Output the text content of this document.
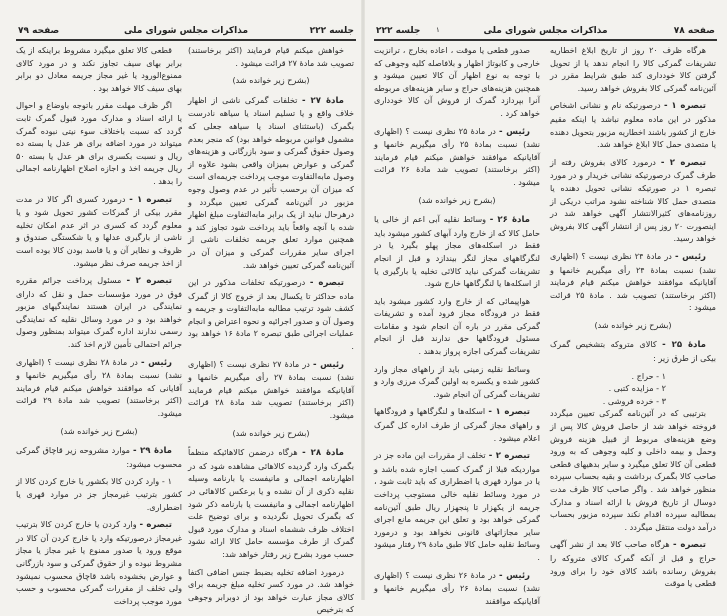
جلسه ۲۲۲
مذاکرات مجلس شورای ملی
صفحه ۷۹

خواهش میکنم قیام فرمایند (اکثر برخاستند) تصویب شد مادهٔ ۲۷ قرائت میشود .

(بشرح زیر خوانده شد)

مادهٔ ۲۷ - تخلفات گمرکی ناشی از اظهار خلاف واقع و یا تسلیم اسناد یا سیاهه نادرست بگمرک (باستثنای اسناد یا سیاهه جعلی که مشمول قوانین مربوطه خواهد بود) که منجر بعدم وصول حقوق گمرکی و سود بازرگانی و هزینه‌های گمرکی و عوارض بمیزان واقعی بشود علاوه از وصول مابه‌التفاوت موجب پرداخت جریمه‌ای است که میزان آن برحسب تأثیر در عدم وصول وجوه مزبور در آئین‌نامه گمرکی تعیین میگردد و درهرحال نباید از یک برابر مابه‌التفاوت مبلغ اظهار شده با آنچه واقعاً باید پرداخت شود تجاوز کند و همچنین موارد تعلق جریمه تخلفات ناشی از اجرای سایر مقررات گمرکی و میزان آن در آئین‌نامه گمرکی تعیین خواهد شد.

تبصره - درصورتیکه تخلفات مذکور در این ماده حداکثر تا یکسال بعد از خروج کالا از گمرک کشف شود ترتیب مطالبه مابه‌التفاوت و جریمه و وصول آن و صدور اجرائیه و نحوه اعتراض و انجام عملیات اجرائی طبق تبصره ۲ مادهٔ ۱۶ خواهد بود .

رئیس - در مادهٔ ۲۷ نظری نیست ؟ (اظهاری نشد) نسبت بمادهٔ ۲۷ رأی میگیریم خانمها و آقایانیکه موافقند خواهش میکنم قیام فرمایند (اکثر برخاستند) تصویب شد مادهٔ ۲۸ قرائت میشود.

(بشرح زیر خوانده شد)

مادهٔ ۲۸ - هرگاه درضمن کالاهائیکه منظماً بگمرک وارد گردیده کالاهائی مشاهده شود که در اظهارنامه اجمالی و مانیفست یا بارنامه وسیله نقلیه ذکری از آن نشده و یا برعکس کالاهائی در اظهارنامه اجمالی و مانیفست یا بارنامه ذکر شود که بگمرک تحویل نگردیده و برای توضیح علت اختلاف ظرف ششماه اسناد و مدارک مورد قبول گمرک از طرف مؤسسه حامل کالا ارائه نشود حسب مورد بشرح زیر رفتار خواهد شد:

درمورد اضافه تخلیه بضبط جنس اضافی اکتفا خواهد شد. در مورد کسر تخلیه مبلغ جریمه برای کالای مجاز عبارت خواهد بود از دوبرابر وجوهی که بترخیص

قطعی کالا تعلق میگیرد مشروط براینکه از یک برابر بهای سیف تجاوز نکند و در مورد کالای ممنوع‌الورود یا غیر مجاز جریمه معادل دو برابر بهای سیف کالا خواهد بود .

اگر ظرف مهلت مقرر باتوجه باوضاع و احوال یا ارائه اسناد و مدارک مورد قبول گمرک ثابت گردد که نسبت باختلاف سوء نیتی نبوده گمرک میتواند در مورد اضافه برای هر عدل یا بسته ده ریال و نسبت بکسری برای هر عدل یا بسته ۵۰ ریال جریمه اخذ و اجازه اصلاح اظهارنامه اجمالی را بدهد .

تبصره ۱ - درمورد کسری اگر کالا در مدت مقرر بیکی از گمرکات کشور تحویل شود و یا معلوم گردد که کسری در اثر عدم امکان تخلیه ناشی از بارگیری عدلها و یا شکستگی صندوق و ظروف و نظایر آن و یا فاسد بودن کالا بوده است از اخذ جریمه صرف نظر میشود.

تبصره ۲ - مسئول پرداخت جرائم مقرره فوق در مورد مؤسسات حمل و نقل که دارای نمایندگی در ایران هستند نمایندگیهای مزبور خواهند بود و در مورد وسائل نقلیه که نمایندگی رسمی ندارند اداره گمرک میتواند بمنظور وصول جرائم احتمالی تأمین لازم اخذ کند.

رئیس - در مادهٔ ۲۸ نظری نیست ؟ (اظهاری نشد) نسبت بمادهٔ ۲۸ رأی میگیریم خانمها و آقایانی که موافقند خواهش میکنم قیام فرمایند (اکثر برخاستند) تصویب شد مادهٔ ۲۹ قرائت میشود.

(بشرح زیر خوانده شد)

مادهٔ ۲۹ - موارد مشروحه زیر قاچاق گمرکی محسوب میشود:

۱ - وارد کردن کالا بکشور یا خارج کردن کالا از کشور بترتیب غیرمجاز جز در موارد قهری یا اضطراری.

تبصره - وارد کردن یا خارج کردن کالا بترتیب غیرمجاز درصورتیکه وارد یا خارج کردن آن کالا در موقع ورود یا صدور ممنوع یا غیر مجاز یا مجاز مشروط نبوده و از حقوق گمرکی و سود بازرگانی و عوارض بخشوده باشد قاچاق محسوب نمیشود ولی تخلف از مقررات گمرکی محسوب و حسب مورد موجب پرداخت

صفحه ۷۸
مذاکرات مجلس شورای ملی
جلسه ۲۲۲ ۱

هرگاه ظرف ۲۰ روز از تاریخ ابلاغ اخطاریه تشریفات گمرکی کالا را انجام ندهد یا از تحویل گرفتن کالا خودداری کند طبق شرایط مقرر در آئین‌نامه گمرکی کالا بفروش خواهد رسید.

تبصره ۱ - درصورتیکه نام و نشانی اشخاص مذکور در این ماده معلوم نباشد یا اینکه مقیم خارج از کشور باشند اخطاریه مزبور بتحویل دهنده یا متصدی حمل کالا ابلاغ خواهد شد.

تبصره ۲ - درمورد کالای بفروش رفته از طرف گمرک درصورتیکه نشانی خریدار و در مورد تبصره ۱ در صورتیکه نشانی تحویل دهنده یا متصدی حمل کالا شناخته نشود مراتب دریکی از روزنامه‌های کثیرالانتشار آگهی خواهد شد در اینصورت ۲۰ روز پس از انتشار آگهی کالا بفروش خواهد رسید.

رئیس - در مادهٔ ۲۴ نظری نیست ؟ (اظهاری نشد) نسبت بمادهٔ ۲۴ رأی میگیریم خانمها و آقایانیکه موافقند خواهش میکنم قیام فرمایند (اکثر برخاستند) تصویب شد . مادهٔ ۲۵ قرائت میشود :

(بشرح زیر خوانده شد)

مادهٔ ۲۵ - کالای متروکه بتشخیص گمرک بیکی از طرق زیر :

۱ - حراج .

۲ - مزایده کتبی .

۳ - خرده فروشی .

بترتیبی که در آئین‌نامه گمرکی تعیین میگردد فروخته خواهد شد از حاصل فروش کالا پس از وضع هزینه‌های مربوط از قبیل هزینه فروش وحمل و بیمه داخلی و کلیه وجوهی که به ورود قطعی آن کالا تعلق میگیرد و سایر بدهیهای قطعی صاحب کالا بگمرک برداشت و بقیه بحساب سپرده منظور خواهد شد . واگر صاحب کالا ظرف مدت دوسال از تاریخ فروش با ارائه اسناد و مدارک بمطالبه سپرده اقدام نکند سپرده مزبور بحساب درآمد دولت منتقل میگردد .

تبصره - هرگاه صاحب کالا بعد از نشر آگهی حراج و قبل از آنکه گمرک کالای متروکه را بفروش رسانده باشد کالای خود را برای ورود قطعی یا موقت

صدور قطعی یا موقت ، اعاده بخارج ، ترانزیت خارجی و کابوتاژ اظهار و بلافاصله کلیه وجوهی که با توجه به نوع اظهار آن کالا تعیین میشود و همچنین هزینه‌های حراج و سایر هزینه‌های مربوطه آنرا بپردازد گمرک از فروش آن کالا خودداری خواهد کرد .

رئیس - در مادهٔ ۲۵ نظری نیست ؟ (اظهاری نشد) نسبت بمادهٔ ۲۵ رأی میگیریم خانمها و آقایانیکه موافقند خواهش میکنم قیام فرمایند (اکثر برخاستند) تصویب شد مادهٔ ۲۶ قرائت میشود .

(بشرح زیر خوانده شد)

مادهٔ ۲۶ - وسائط نقلیه آبی اعم از خالی یا حامل کالا که از خارج وارد آبهای کشور میشود باید فقط در اسکله‌های مجاز پهلو بگیرد یا در لنگرگاههای مجاز لنگر بیندازد و قبل از انجام تشریفات گمرکی نباید کالائی تخلیه یا بارگیری یا از اسکله‌ها یا لنگرگاهها خارج شود.

هواپیمائی که از خارج وارد کشور میشود باید فقط در فرودگاه مجاز فرود آمده و تشریفات گمرکی مقرر در باره آن انجام شود و مقامات مسئول فرودگاهها حق ندارند قبل از انجام تشریفات گمرکی اجازه پرواز بدهند .

وسائط نقلیه زمینی باید از راههای مجاز وارد کشور شده و یکسره به اولین گمرک مرزی وارد و تشریفات گمرکی آن انجام شود.

تبصره ۱ - اسکله‌ها و لنگرگاهها و فرودگاهها و راههای مجاز گمرکی از طرف اداره کل گمرک اعلام میشود .

تبصره ۲ - تخلف از مقررات این ماده جز در مواردیکه قبلا از گمرک کسب اجازه شده باشد و یا در موارد قهری یا اضطراری که باید ثابت شود ، در مورد وسائط نقلیه خالی مستوجب پرداخت جریمه از یکهزار تا پنجهزار ریال طبق آئین‌نامه گمرکی خواهد بود و تعلق این جریمه مانع اجرای سایر مجازاتهای قانونی نخواهد بود و درمورد وسائط نقلیه حامل کالا طبق مادهٔ ۲۹ رفتار میشود .

رئیس - در مادهٔ ۲۶ نظری نیست ؟ (اظهاری نشد) نسبت بمادهٔ ۲۶ رأی میگیریم خانمها و آقایانیکه موافقند
